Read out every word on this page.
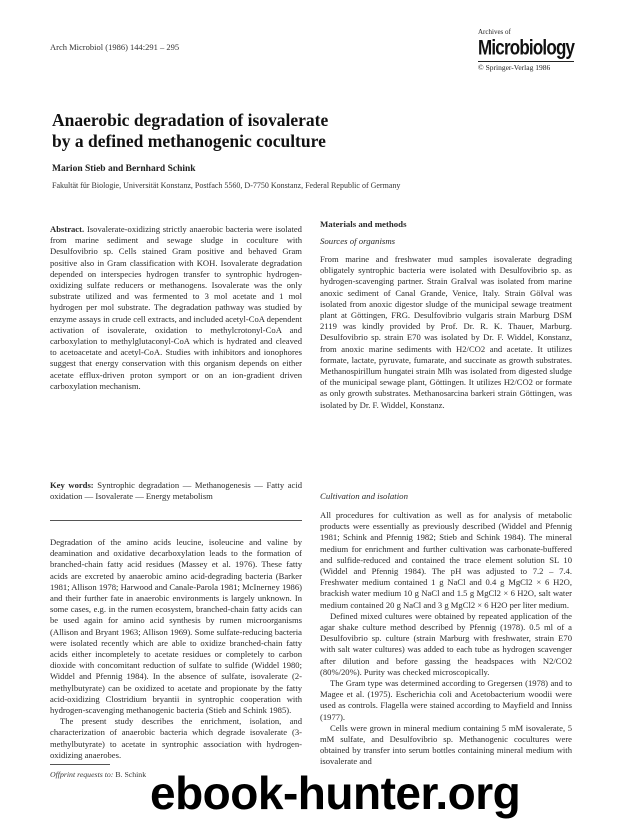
Arch Microbiol (1986) 144:291 – 295
Archives of
Microbiology
© Springer-Verlag 1986
Anaerobic degradation of isovalerate
by a defined methanogenic coculture
Marion Stieb and Bernhard Schink
Fakultät für Biologie, Universität Konstanz, Postfach 5560, D-7750 Konstanz, Federal Republic of Germany

Abstract. Isovalerate-oxidizing strictly anaerobic bacteria were isolated from marine sediment and sewage sludge in coculture with Desulfovibrio sp. Cells stained Gram positive and behaved Gram positive also in Gram classification with KOH. Isovalerate degradation depended on interspecies hydrogen transfer to syntrophic hydrogen-oxidizing sulfate reducers or methanogens. Isovalerate was the only substrate utilized and was fermented to 3 mol acetate and 1 mol hydrogen per mol substrate. The degradation pathway was studied by enzyme assays in crude cell extracts, and included acetyl-CoA dependent activation of isovalerate, oxidation to methylcrotonyl-CoA and carboxylation to methylglutaconyl-CoA which is hydrated and cleaved to acetoacetate and acetyl-CoA. Studies with inhibitors and ionophores suggest that energy conservation with this organism depends on either acetate efflux-driven proton symport or on an ion-gradient driven carboxylation mechanism.

Key words: Syntrophic degradation — Methanogenesis — Fatty acid oxidation — Isovalerate — Energy metabolism

Degradation of the amino acids leucine, isoleucine and valine by deamination and oxidative decarboxylation leads to the formation of branched-chain fatty acid residues (Massey et al. 1976). These fatty acids are excreted by anaerobic amino acid-degrading bacteria (Barker 1981; Allison 1978; Harwood and Canale-Parola 1981; McInerney 1986) and their further fate in anaerobic environments is largely unknown. In some cases, e.g. in the rumen ecosystem, branched-chain fatty acids can be used again for amino acid synthesis by rumen microorganisms (Allison and Bryant 1963; Allison 1969). Some sulfate-reducing bacteria were isolated recently which are able to oxidize branched-chain fatty acids either incompletely to acetate residues or completely to carbon dioxide with concomitant reduction of sulfate to sulfide (Widdel 1980; Widdel and Pfennig 1984). In the absence of sulfate, isovalerate (2-methylbutyrate) can be oxidized to acetate and propionate by the fatty acid-oxidizing Clostridium bryantii in syntrophic cooperation with hydrogen-scavenging methanogenic bacteria (Stieb and Schink 1985).

The present study describes the enrichment, isolation, and characterization of anaerobic bacteria which degrade isovalerate (3-methylbutyrate) to acetate in syntrophic association with hydrogen-oxidizing anaerobes.

Offprint requests to: B. Schink
Materials and methods
Sources of organisms

From marine and freshwater mud samples isovalerate degrading obligately syntrophic bacteria were isolated with Desulfovibrio sp. as hydrogen-scavenging partner. Strain GraIval was isolated from marine anoxic sediment of Canal Grande, Venice, Italy. Strain GöIval was isolated from anoxic digestor sludge of the municipal sewage treatment plant at Göttingen, FRG. Desulfovibrio vulgaris strain Marburg DSM 2119 was kindly provided by Prof. Dr. R. K. Thauer, Marburg. Desulfovibrio sp. strain E70 was isolated by Dr. F. Widdel, Konstanz, from anoxic marine sediments with H2/CO2 and acetate. It utilizes formate, lactate, pyruvate, fumarate, and succinate as growth substrates. Methanospirillum hungatei strain Mlh was isolated from digested sludge of the municipal sewage plant, Göttingen. It utilizes H2/CO2 or formate as only growth substrates. Methanosarcina barkeri strain Göttingen, was isolated by Dr. F. Widdel, Konstanz.

Cultivation and isolation

All procedures for cultivation as well as for analysis of metabolic products were essentially as previously described (Widdel and Pfennig 1981; Schink and Pfennig 1982; Stieb and Schink 1984). The mineral medium for enrichment and further cultivation was carbonate-buffered and sulfide-reduced and contained the trace element solution SL 10 (Widdel and Pfennig 1984). The pH was adjusted to 7.2 – 7.4. Freshwater medium contained 1 g NaCl and 0.4 g MgCl2 × 6 H2O, brackish water medium 10 g NaCl and 1.5 g MgCl2 × 6 H2O, salt water medium contained 20 g NaCl and 3 g MgCl2 × 6 H2O per liter medium.

Defined mixed cultures were obtained by repeated application of the agar shake culture method described by Pfennig (1978). 0.5 ml of a Desulfovibrio sp. culture (strain Marburg with freshwater, strain E70 with salt water cultures) was added to each tube as hydrogen scavenger after dilution and before gassing the headspaces with N2/CO2 (80%/20%). Purity was checked microscopically.

The Gram type was determined according to Gregersen (1978) and to Magee et al. (1975). Escherichia coli and Acetobacterium woodii were used as controls. Flagella were stained according to Mayfield and Inniss (1977).

Cells were grown in mineral medium containing 5 mM isovalerate, 5 mM sulfate, and Desulfovibrio sp. Methanogenic cocultures were obtained by transfer into serum bottles containing mineral medium with isovalerate and

ebook-hunter.org
